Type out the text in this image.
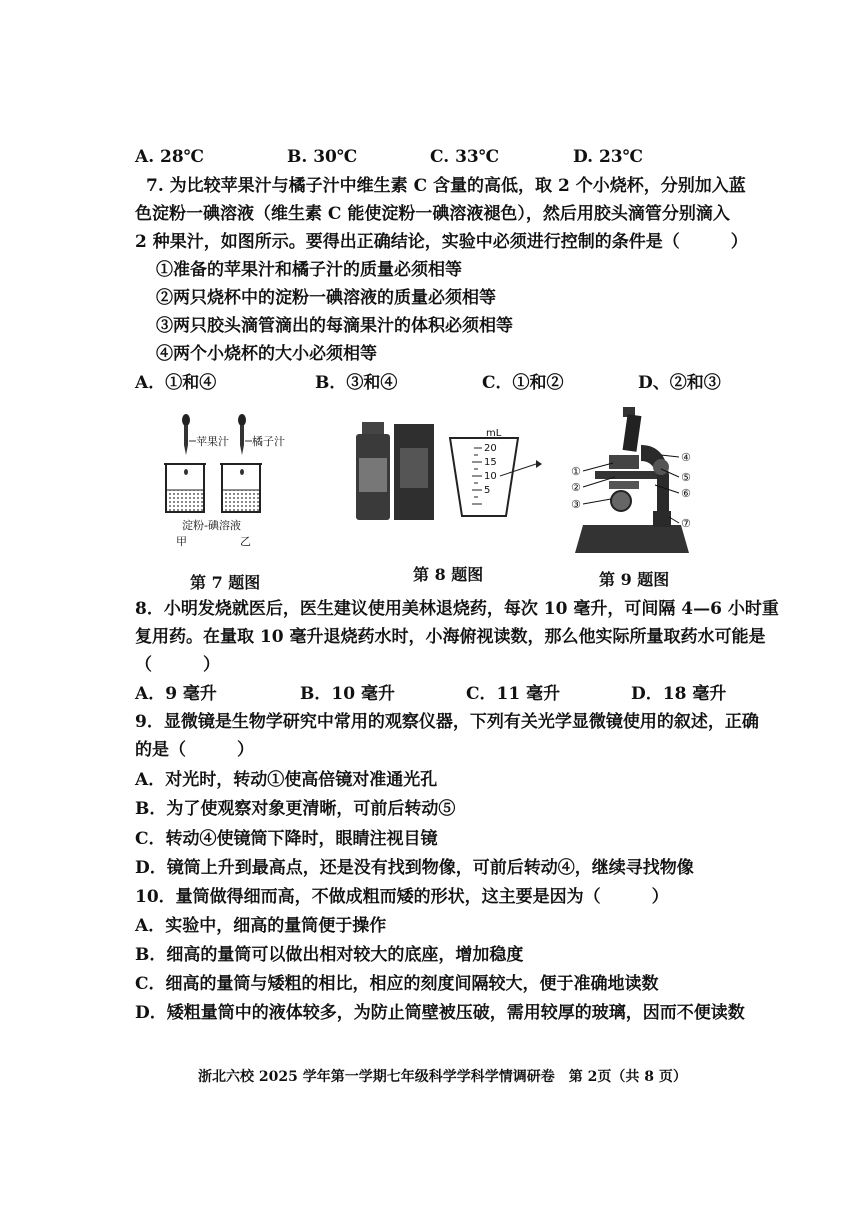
A. 28℃	B. 30℃	C. 33℃	D. 23℃
7. 为比较苹果汁与橘子汁中维生素 C 含量的高低，取 2 个小烧杯，分别加入蓝
色淀粉一碘溶液（维生素 C 能使淀粉一碘溶液褪色），然后用胶头滴管分别滴入
2 种果汁，如图所示。要得出正确结论，实验中必须进行控制的条件是（　　　）
①准备的苹果汁和橘子汁的质量必须相等
②两只烧杯中的淀粉一碘溶液的质量必须相等
③两只胶头滴管滴出的每滴果汁的体积必须相等
④两个小烧杯的大小必须相等
A．①和④	B．③和④	C．①和②	D、②和③
苹果汁 橘子汁
淀粉-碘溶液
甲	乙
第 7 题图
mL
20
15
10
5
第 8 题图
①
②
③
④
⑤
⑥
⑦
第 9 题图
8．小明发烧就医后，医生建议使用美林退烧药，每次 10 毫升，可间隔 4—6 小时重
复用药。在量取 10 毫升退烧药水时，小海俯视读数，那么他实际所量取药水可能是
（　　　）
A．9 毫升	B．10 毫升	C．11 毫升	D．18 毫升
9．显微镜是生物学研究中常用的观察仪器，下列有关光学显微镜使用的叙述，正确
的是（　　　）
A．对光时，转动①使高倍镜对准通光孔
B．为了使观察对象更清晰，可前后转动⑤
C．转动④使镜筒下降时，眼睛注视目镜
D．镜筒上升到最高点，还是没有找到物像，可前后转动④，继续寻找物像
10．量筒做得细而高，不做成粗而矮的形状，这主要是因为（　　　）
A．实验中，细高的量筒便于操作
B．细高的量筒可以做出相对较大的底座，增加稳度
C．细高的量筒与矮粗的相比，相应的刻度间隔较大，便于准确地读数
D．矮粗量筒中的液体较多，为防止筒壁被压破，需用较厚的玻璃，因而不便读数
浙北六校 2025 学年第一学期七年级科学学科学情调研卷　第 2页（共 8 页）
